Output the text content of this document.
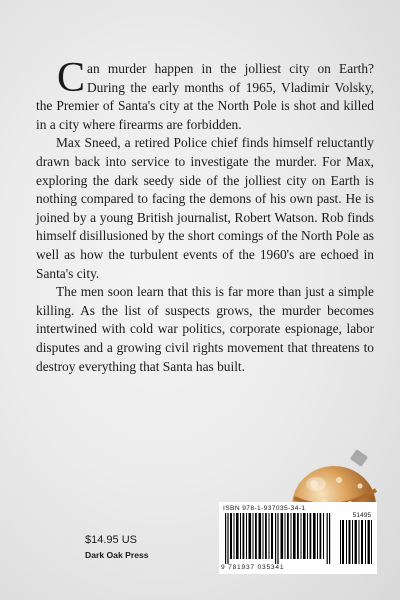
Can murder happen in the jolliest city on Earth? During the early months of 1965, Vladimir Volsky, the Premier of Santa's city at the North Pole is shot and killed in a city where firearms are forbidden.

Max Sneed, a retired Police chief finds himself reluctantly drawn back into service to investigate the murder. For Max, exploring the dark seedy side of the jolliest city on Earth is nothing compared to facing the demons of his own past. He is joined by a young British journalist, Robert Watson. Rob finds himself disillusioned by the short comings of the North Pole as well as how the turbulent events of the 1960's are echoed in Santa's city.

The men soon learn that this is far more than just a simple killing. As the list of suspects grows, the murder becomes intertwined with cold war politics, corporate espionage, labor disputes and a growing civil rights movement that threatens to destroy everything that Santa has built.

ISBN 978-1-937035-34-1
51495
9 781937 035341
$14.95 US
Dark Oak Press
